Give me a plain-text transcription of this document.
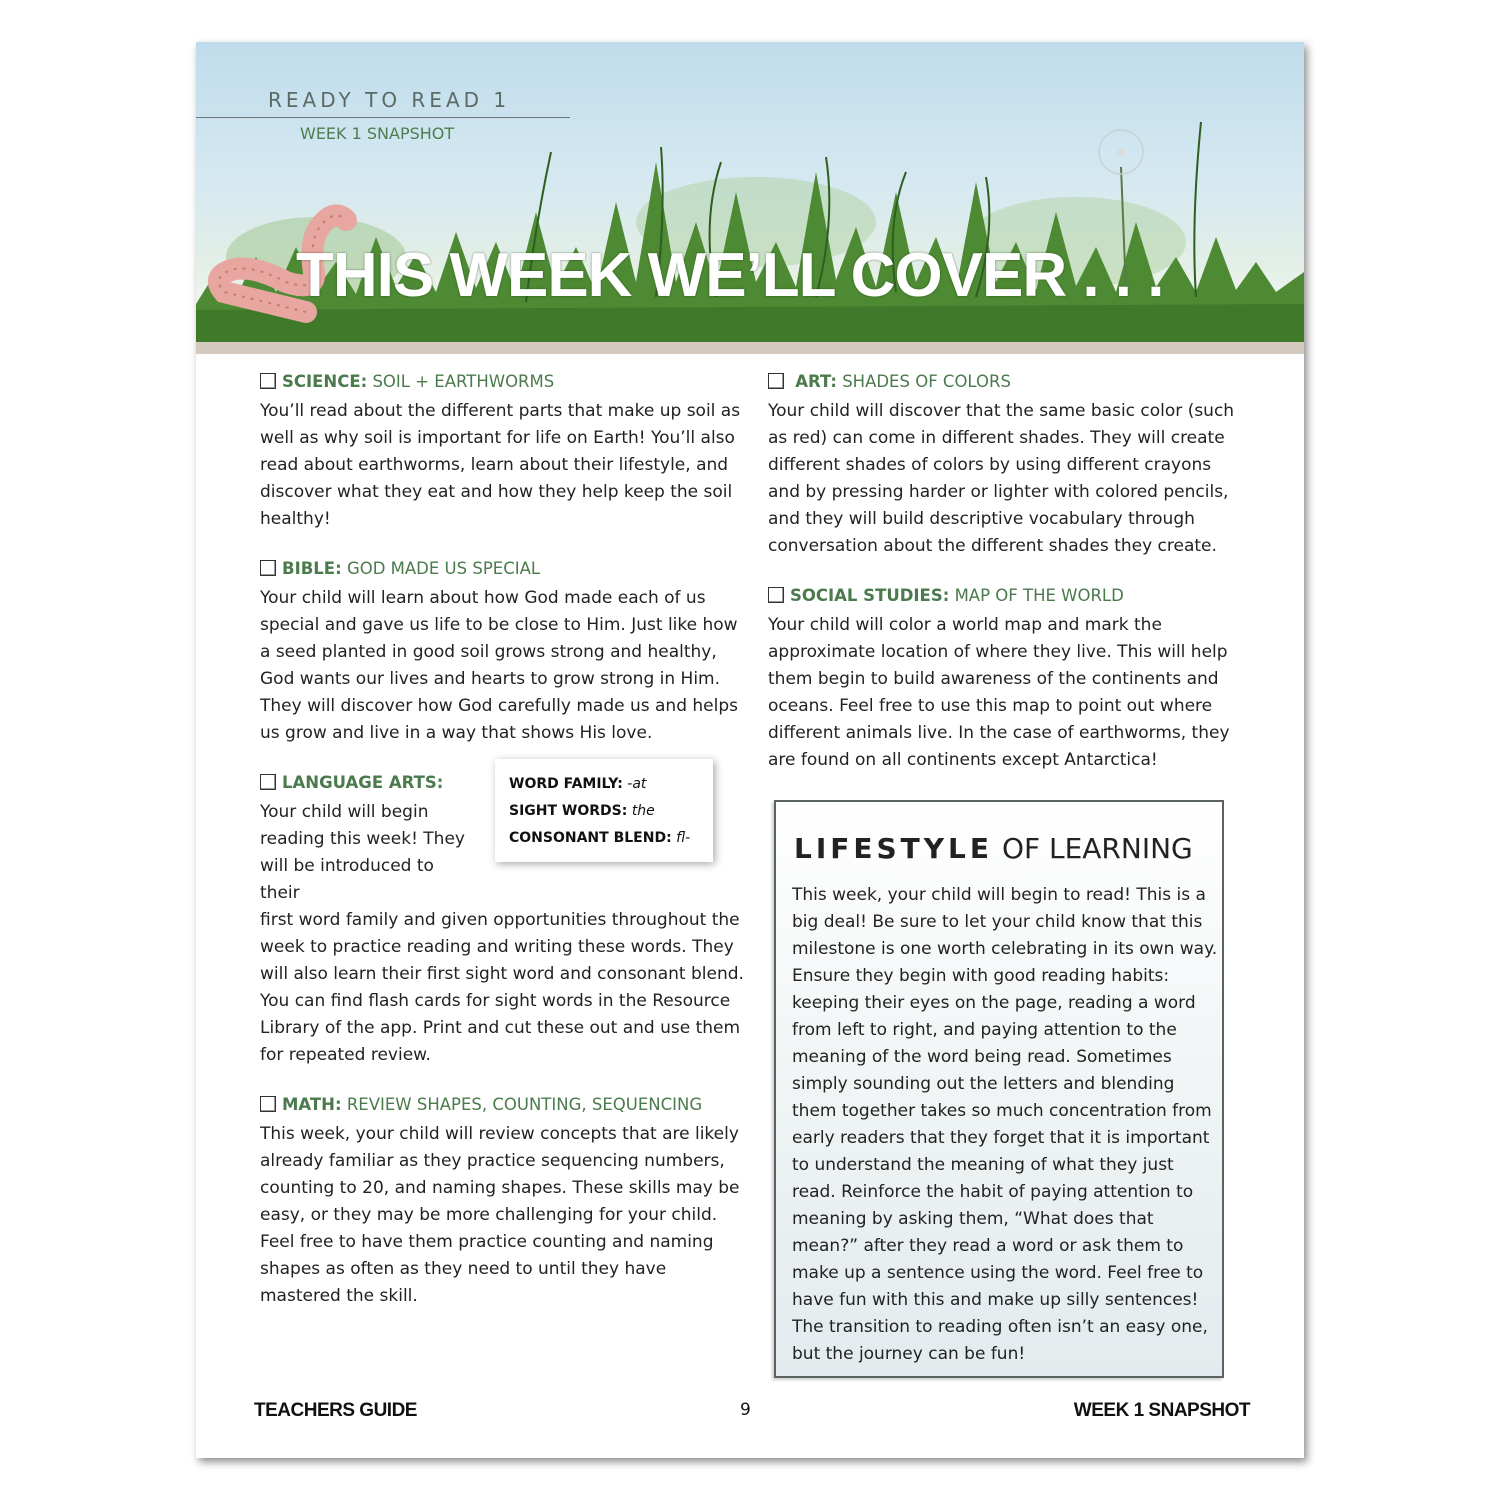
READY TO READ 1
WEEK 1 SNAPSHOT
THIS WEEK WE’LL COVER . . .
SCIENCE: SOIL + EARTHWORMS

You’ll read about the different parts that make up soil as well as why soil is important for life on Earth! You’ll also read about earthworms, learn about their lifestyle, and discover what they eat and how they help keep the soil healthy!

BIBLE: GOD MADE US SPECIAL

Your child will learn about how God made each of us special and gave us life to be close to Him. Just like how a seed planted in good soil grows strong and healthy, God wants our lives and hearts to grow strong in Him. They will discover how God carefully made us and helps us grow and live in a way that shows His love.

LANGUAGE ARTS:	WORD FAMILY: -at
SIGHT WORDS: the
CONSONANT BLEND: fl-

Your child will begin reading this week! They will be introduced to their

first word family and given opportunities throughout the week to practice reading and writing these words. They will also learn their first sight word and consonant blend. You can find flash cards for sight words in the Resource Library of the app. Print and cut these out and use them for repeated review.

MATH: REVIEW SHAPES, COUNTING, SEQUENCING

This week, your child will review concepts that are likely already familiar as they practice sequencing numbers, counting to 20, and naming shapes. These skills may be easy, or they may be more challenging for your child. Feel free to have them practice counting and naming shapes as often as they need to until they have mastered the skill.

ART: SHADES OF COLORS

Your child will discover that the same basic color (such as red) can come in different shades. They will create different shades of colors by using different crayons and by pressing harder or lighter with colored pencils, and they will build descriptive vocabulary through conversation about the different shades they create.

SOCIAL STUDIES: MAP OF THE WORLD

Your child will color a world map and mark the approximate location of where they live. This will help them begin to build awareness of the continents and oceans. Feel free to use this map to point out where different animals live. In the case of earthworms, they are found on all continents except Antarctica!

LIFESTYLE OF LEARNING
This week, your child will begin to read! This is a big deal! Be sure to let your child know that this milestone is one worth celebrating in its own way. Ensure they begin with good reading habits: keeping their eyes on the page, reading a word from left to right, and paying attention to the meaning of the word being read. Sometimes simply sounding out the letters and blending them together takes so much concentration from early readers that they forget that it is important to understand the meaning of what they just read. Reinforce the habit of paying attention to meaning by asking them, “What does that mean?” after they read a word or ask them to make up a sentence using the word. Feel free to have fun with this and make up silly sentences! The transition to reading often isn’t an easy one, but the journey can be fun!
TEACHERS GUIDE	9	WEEK 1 SNAPSHOT
